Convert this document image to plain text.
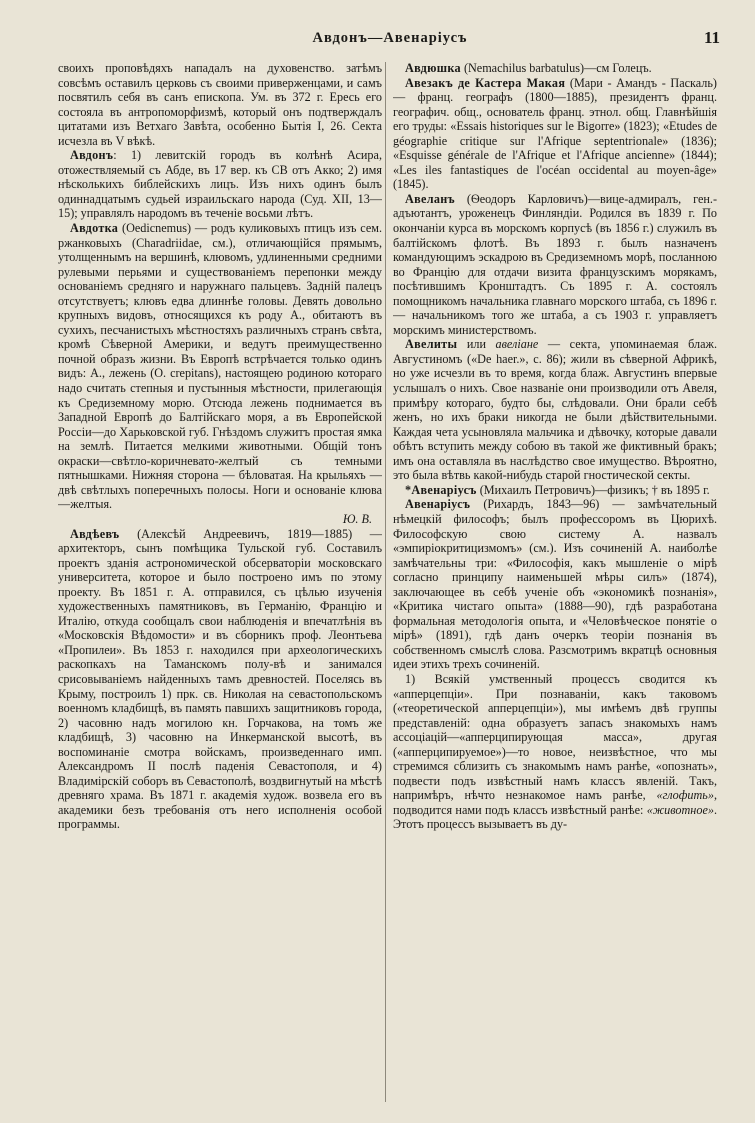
Авдонъ—Авенаріусъ	11

своихъ проповѣдяхъ нападалъ на духовенство. затѣмъ совсѣмъ оставилъ церковь съ своими приверженцами, и самъ посвятилъ себя въ санъ епископа. Ум. въ 372 г. Ересь его состояла въ антропоморфизмѣ, который онъ подтверждалъ цитатами изъ Ветхаго Завѣта, особенно Бытія I, 26. Секта исчезла въ V вѣкѣ.

Авдонъ: 1) левитскій городъ въ колѣнѣ Асира, отожествляемый съ Абде, въ 17 вер. къ СВ отъ Акко; 2) имя нѣсколькихъ библейскихъ лицъ. Изъ нихъ одинъ былъ одиннадцатымъ судьей израильскаго народа (Суд. XII, 13—15); управлялъ народомъ въ теченіе восьми лѣтъ.

Авдотка (Oedicnemus) — родъ куликовыхъ птицъ изъ сем. ржанковыхъ (Charadriidae, см.), отличающійся прямымъ, утолщеннымъ на вершинѣ, клювомъ, удлиненными средними рулевыми перьями и существованіемъ перепонки между основаніемъ средняго и наружнаго пальцевъ. Задній палецъ отсутствуетъ; клювъ едва длиннѣе головы. Девять довольно крупныхъ видовъ, относящихся къ роду А., обитаютъ въ сухихъ, песчанистыхъ мѣстностяхъ различныхъ странъ свѣта, кромѣ Сѣверной Америки, и ведутъ преимущественно почной образъ жизни. Въ Европѣ встрѣчается только одинъ видъ: А., лежень (O. crepitans), настоящею родиною котораго надо считать степныя и пустынныя мѣстности, прилегающія къ Средиземному морю. Отсюда лежень поднимается въ Западной Европѣ до Балтійскаго моря, а въ Европейской Россіи—до Харьковской губ. Гнѣздомъ служитъ простая ямка на землѣ. Питается мелкими животными. Общій тонъ окраски—свѣтло-коричневато-желтый съ темными пятнышками. Нижняя сторона — бѣловатая. На крыльяхъ — двѣ свѣтлыхъ поперечныхъ полосы. Ноги и основаніе клюва—желтыя.

Ю. В.

Авдѣевъ (Алексѣй Андреевичъ, 1819—1885) — архитекторъ, сынъ помѣщика Тульской губ. Составилъ проектъ зданія астрономической обсерваторіи московскаго университета, которое и было построено имъ по этому проекту. Въ 1851 г. А. отправился, съ цѣлью изученія художественныхъ памятниковъ, въ Германію, Францію и Италію, откуда сообщалъ свои наблюденія и впечатлѣнія въ «Московскія Вѣдомости» и въ сборникъ проф. Леонтьева «Пропилеи». Въ 1853 г. находился при археологическихъ раскопкахъ на Таманскомъ полу-вѣ и занимался срисовываніемъ найденныхъ тамъ древностей. Поселясь въ Крыму, построилъ 1) прк. св. Николая на севастопольскомъ военномъ кладбищѣ, въ память павшихъ защитниковъ города, 2) часовню надъ могилою кн. Горчакова, на томъ же кладбищѣ, 3) часовню на Инкерманской высотѣ, въ воспоминаніе смотра войскамъ, произведеннаго имп. Александромъ II послѣ паденія Севастополя, и 4) Владимірскій соборъ въ Севастополѣ, воздвигнутый на мѣстѣ древняго храма. Въ 1871 г. академія худож. возвела его въ академики безъ требованія отъ него исполненія особой программы.

Авдюшка (Nemachilus barbatulus)—см Голецъ.

Авезакъ де Кастера Макая (Мари - Амандъ - Паскаль) — франц. географъ (1800—1885), президентъ франц. географич. общ., основатель франц. этнол. общ. Главнѣйшія его труды: «Essais historiques sur le Bigorre» (1823); «Etudes de géographie critique sur l'Afrique septentrionale» (1836); «Esquisse générale de l'Afrique et l'Afrique ancienne» (1844); «Les iles fantastiques de l'océan occidental au moyen-âge» (1845).

Авеланъ (Ѳеодоръ Карловичъ)—вице-адмиралъ, ген.-адъютантъ, уроженецъ Финляндіи. Родился въ 1839 г. По окончаніи курса въ морскомъ корпусѣ (въ 1856 г.) служилъ въ балтійскомъ флотѣ. Въ 1893 г. былъ назначенъ командующимъ эскадрою въ Средиземномъ морѣ, посланною во Францію для отдачи визита французскимъ морякамъ, посѣтившимъ Кронштадтъ. Съ 1895 г. А. состоялъ помощникомъ начальника главнаго морского штаба, съ 1896 г. — начальникомъ того же штаба, а съ 1903 г. управляетъ морскимъ министерствомъ.

Авелиты или авеліане — секта, упоминаемая блаж. Августиномъ («De haer.», с. 86); жили въ сѣверной Африкѣ, но уже исчезли въ то время, когда блаж. Августинъ впервые услышалъ о нихъ. Свое названіе они производили отъ Авеля, примѣру котораго, будто бы, слѣдовали. Они брали себѣ женъ, но ихъ браки никогда не были дѣйствительными. Каждая чета усыновляла мальчика и дѣвочку, которые давали обѣтъ вступить между собою въ такой же фиктивный бракъ; имъ она оставляла въ наслѣдство свое имущество. Вѣроятно, это была вѣтвь какой-нибудь старой гностической секты.

*Авенаріусъ (Михаилъ Петровичъ)—физикъ; † въ 1895 г.

Авенаріусъ (Рихардъ, 1843—96) — замѣчательный нѣмецкій философъ; былъ профессоромъ въ Цюрихѣ. Философскую свою систему А. назвалъ «эмпиріокритицизмомъ» (см.). Изъ сочиненій А. наиболѣе замѣчательны три: «Философія, какъ мышленіе о мірѣ согласно принципу наименьшей мѣры силъ» (1874), заключающее въ себѣ ученіе объ «экономикѣ познанія», «Критика чистаго опыта» (1888—90), гдѣ разработана формальная методологія опыта, и «Человѣческое понятіе о мірѣ» (1891), гдѣ данъ очеркъ теоріи познанія въ собственномъ смыслѣ слова. Разсмотримъ вкратцѣ основныя идеи этихъ трехъ сочиненій.

1) Всякій умственный процессъ сводится къ «апперцепціи». При познаваніи, какъ таковомъ («теоретической апперцепціи»), мы имѣемъ двѣ группы представленій: одна образуетъ запасъ знакомыхъ намъ ассоціацій—«апперципирующая масса», другая («апперципируемое»)—то новое, неизвѣстное, что мы стремимся сблизить съ знакомымъ намъ ранѣе, «опознать», подвести подъ извѣстный намъ классъ явленій. Такъ, напримѣръ, нѣчто незнакомое намъ ранѣе, «глофить», подводится нами подъ классъ извѣстный ранѣе: «животное». Этотъ процессъ вызываетъ въ ду-
